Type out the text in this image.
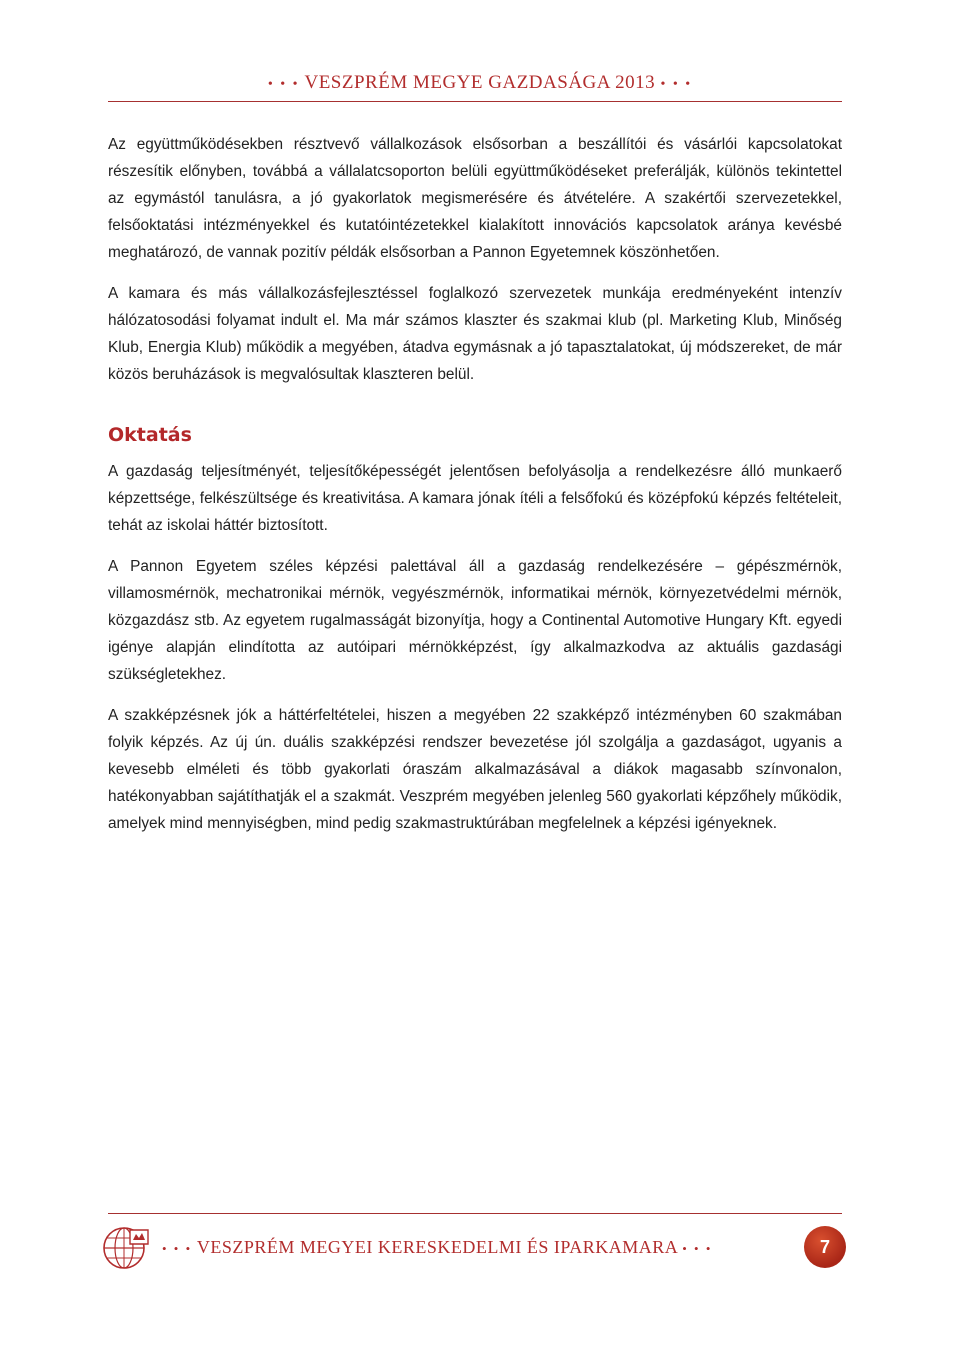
• • • VESZPRÉM MEGYE GAZDASÁGA 2013 • • •

Az együttműködésekben résztvevő vállalkozások elsősorban a beszállítói és vásárlói kapcsolatokat részesítik előnyben, továbbá a vállalatcsoporton belüli együttműködéseket preferálják, különös tekintettel az egymástól tanulásra, a jó gyakorlatok megismerésére és átvételére. A szakértői szervezetekkel, felsőoktatási intézményekkel és kutatóintézetekkel kialakított innovációs kapcsolatok aránya kevésbé meghatározó, de vannak pozitív példák elsősorban a Pannon Egyetemnek köszönhetően.

A kamara és más vállalkozásfejlesztéssel foglalkozó szervezetek munkája eredményeként intenzív hálózatosodási folyamat indult el. Ma már számos klaszter és szakmai klub (pl. Marketing Klub, Minőség Klub, Energia Klub) működik a megyében, átadva egymásnak a jó tapasztalatokat, új módszereket, de már közös beruházások is megvalósultak klaszteren belül.

Oktatás

A gazdaság teljesítményét, teljesítőképességét jelentősen befolyásolja a rendelkezésre álló munkaerő képzettsége, felkészültsége és kreativitása. A kamara jónak ítéli a felsőfokú és középfokú képzés feltételeit, tehát az iskolai háttér biztosított.

A Pannon Egyetem széles képzési palettával áll a gazdaság rendelkezésére – gépészmérnök, villamosmérnök, mechatronikai mérnök, vegyészmérnök, informatikai mérnök, környezetvédelmi mérnök, közgazdász stb. Az egyetem rugalmasságát bizonyítja, hogy a Continental Automotive Hungary Kft. egyedi igénye alapján elindította az autóipari mérnökképzést, így alkalmazkodva az aktuális gazdasági szükségletekhez.

A szakképzésnek jók a háttérfeltételei, hiszen a megyében 22 szakképző intézményben 60 szakmában folyik képzés. Az új ún. duális szakképzési rendszer bevezetése jól szolgálja a gazdaságot, ugyanis a kevesebb elméleti és több gyakorlati óraszám alkalmazásával a diákok magasabb színvonalon, hatékonyabban sajátíthatják el a szakmát. Veszprém megyében jelenleg 560 gyakorlati képzőhely működik, amelyek mind mennyiségben, mind pedig szakmastruktúrában megfelelnek a képzési igényeknek.

• • • VESZPRÉM MEGYEI KERESKEDELMI ÉS IPARKAMARA • • •	7
